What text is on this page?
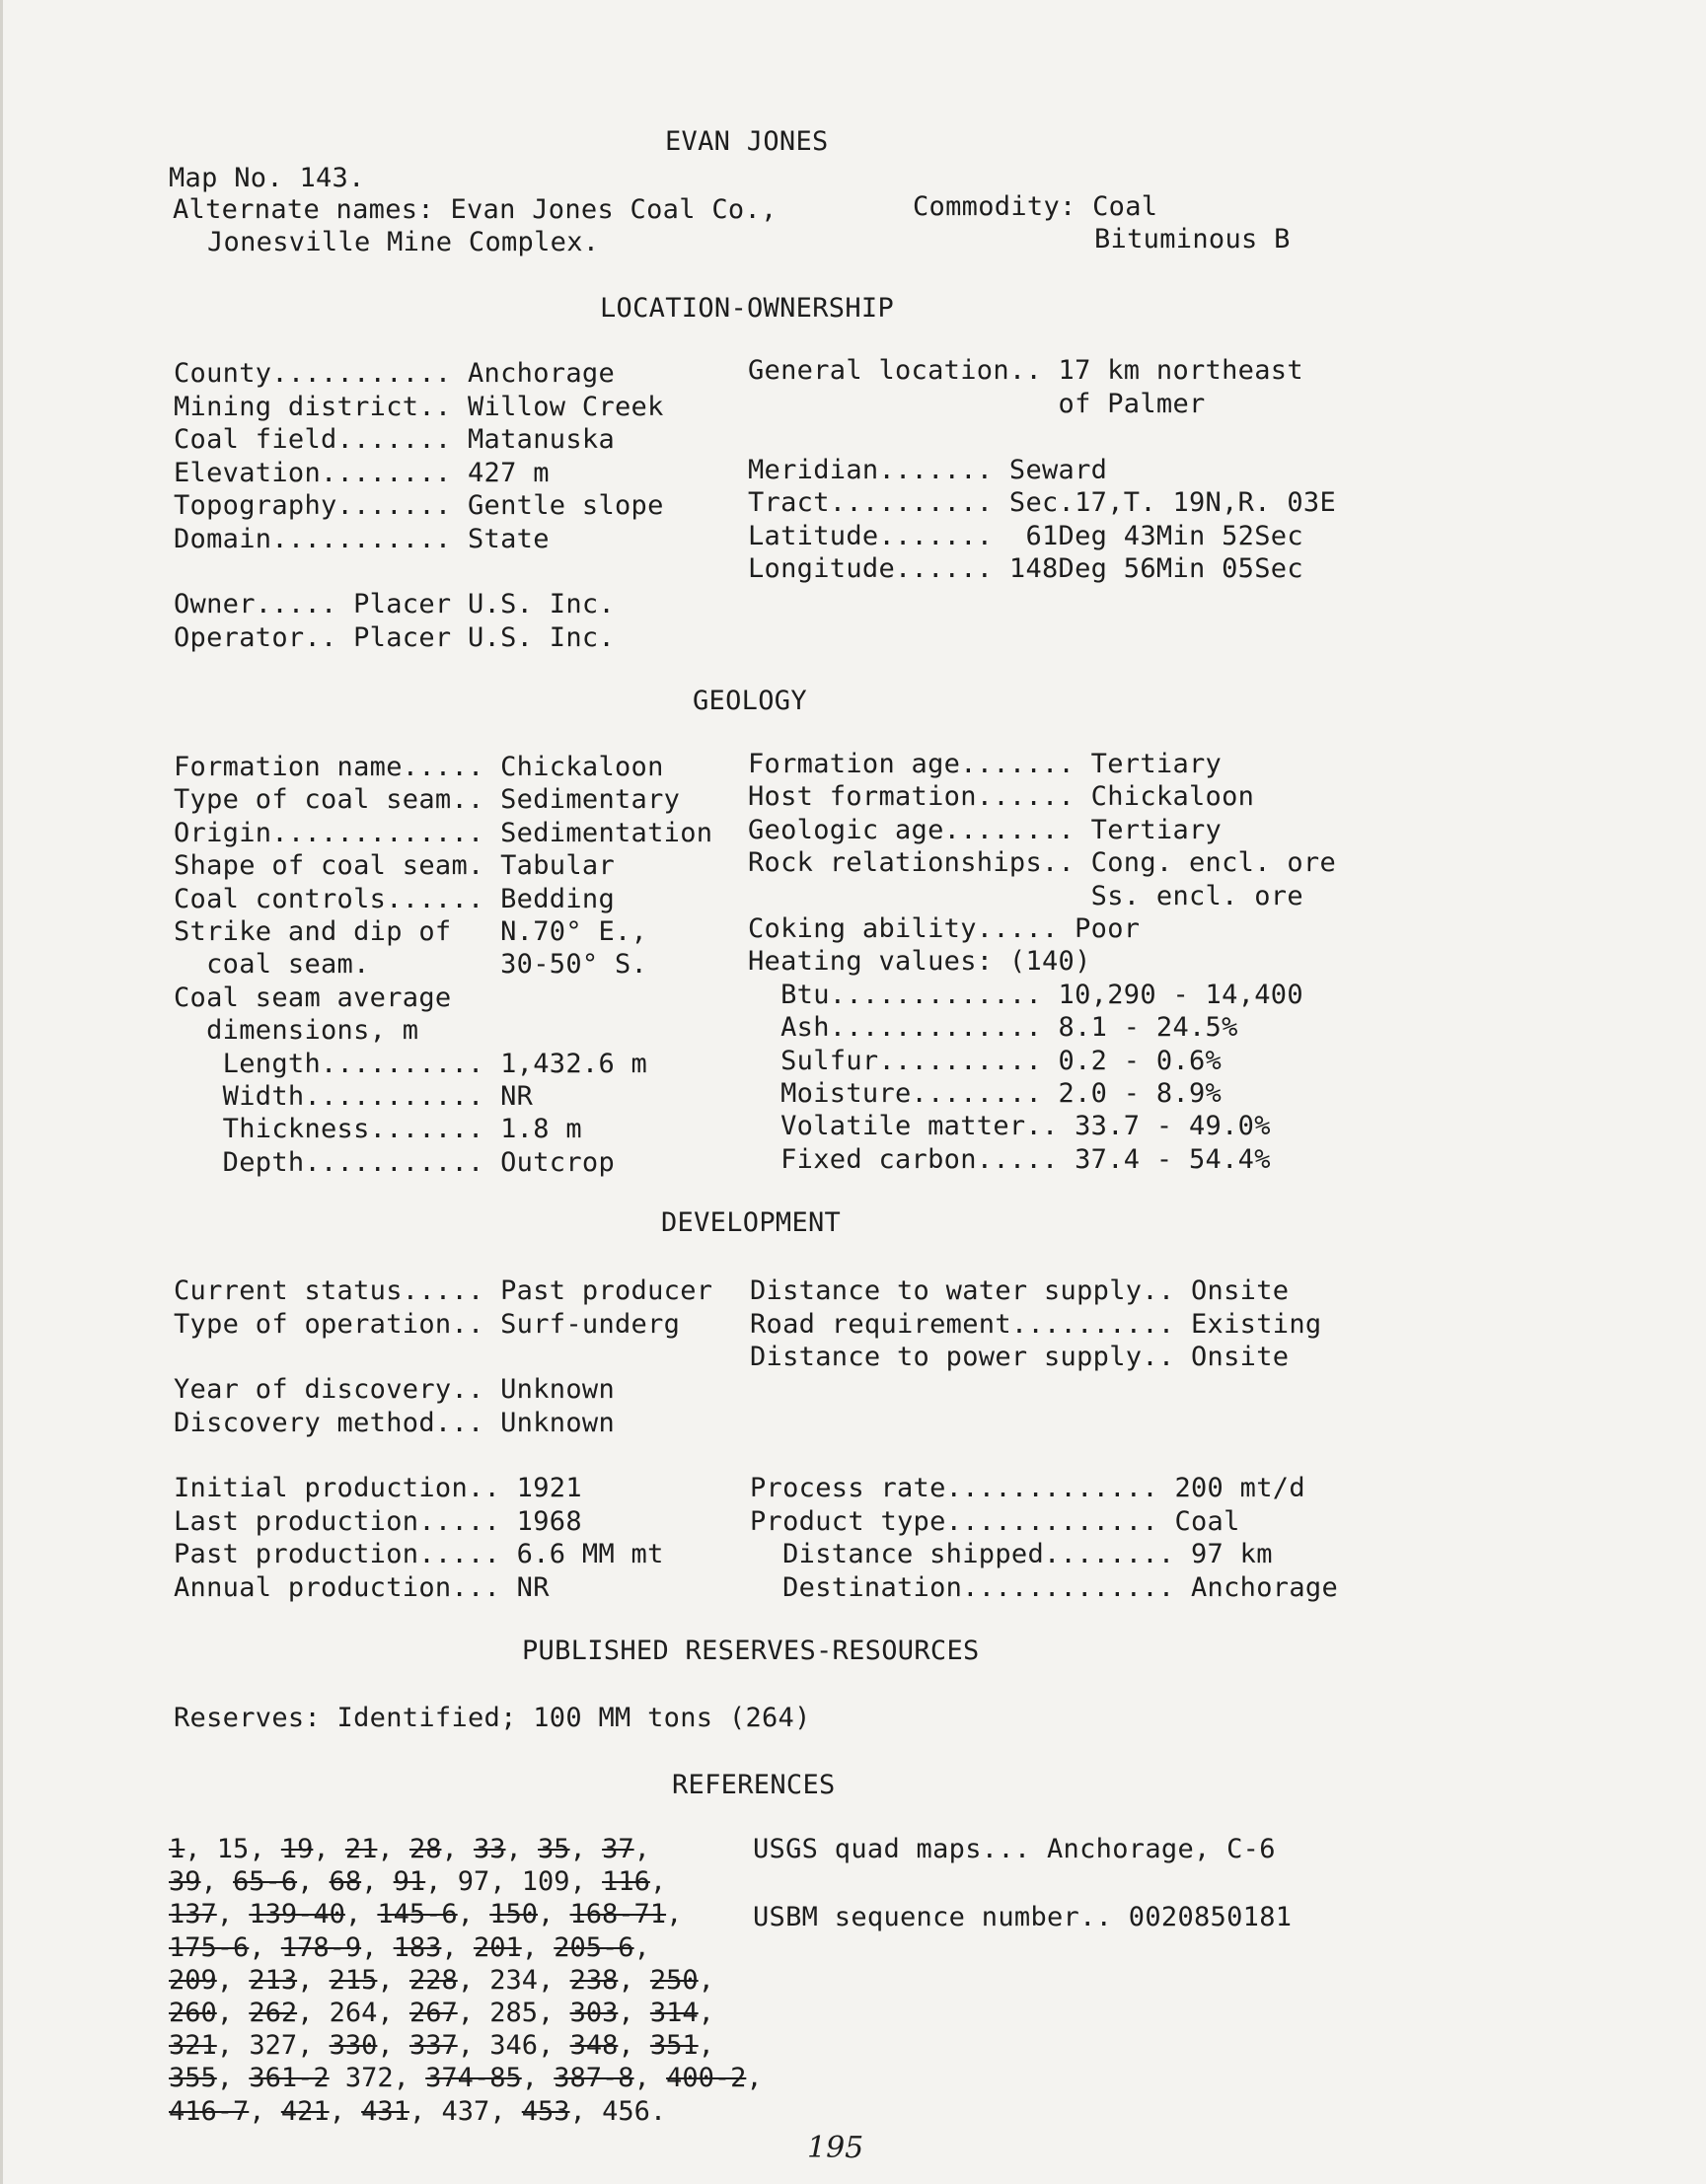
EVAN JONES
Map No. 143.
Alternate names: Evan Jones Coal Co.,
Jonesville Mine Complex.
Commodity: Coal
Bituminous B
LOCATION-OWNERSHIP
County........... Anchorage
Mining district.. Willow Creek
Coal field....... Matanuska
Elevation........ 427 m
Topography....... Gentle slope
Domain........... State
General location.. 17 km northeast
of Palmer
Meridian....... Seward
Tract.......... Sec.17,T. 19N,R. 03E
Latitude.......  61Deg 43Min 52Sec
Longitude...... 148Deg 56Min 05Sec
Owner..... Placer U.S. Inc.
Operator.. Placer U.S. Inc.
GEOLOGY
Formation name..... Chickaloon
Type of coal seam.. Sedimentary
Origin............. Sedimentation
Shape of coal seam. Tabular
Coal controls...... Bedding
Strike and dip of   N.70° E.,
coal seam.        30-50° S.
Coal seam average
dimensions, m
Length.......... 1,432.6 m
Width........... NR
Thickness....... 1.8 m
Depth........... Outcrop
Formation age....... Tertiary
Host formation...... Chickaloon
Geologic age........ Tertiary
Rock relationships.. Cong. encl. ore
Ss. encl. ore
Coking ability..... Poor
Heating values: (140)
Btu............. 10,290 - 14,400
Ash............. 8.1 - 24.5%
Sulfur.......... 0.2 - 0.6%
Moisture........ 2.0 - 8.9%
Volatile matter.. 33.7 - 49.0%
Fixed carbon..... 37.4 - 54.4%
DEVELOPMENT
Current status..... Past producer
Type of operation.. Surf-underg
Distance to water supply.. Onsite
Road requirement.......... Existing
Distance to power supply.. Onsite
Year of discovery.. Unknown
Discovery method... Unknown
Initial production.. 1921
Last production..... 1968
Past production..... 6.6 MM mt
Annual production... NR
Process rate............. 200 mt/d
Product type............. Coal
Distance shipped........ 97 km
Destination............. Anchorage
PUBLISHED RESERVES-RESOURCES
Reserves: Identified; 100 MM tons (264)
REFERENCES
1, 15, 19, 21, 28, 33, 35, 37,
39, 65-6, 68, 91, 97, 109, 116,
137, 139-40, 145-6, 150, 168-71,
175-6, 178-9, 183, 201, 205-6,
209, 213, 215, 228, 234, 238, 250,
260, 262, 264, 267, 285, 303, 314,
321, 327, 330, 337, 346, 348, 351,
355, 361-2 372, 374-85, 387-8, 400-2,
416-7, 421, 431, 437, 453, 456.
USGS quad maps... Anchorage, C-6
USBM sequence number.. 0020850181
195
